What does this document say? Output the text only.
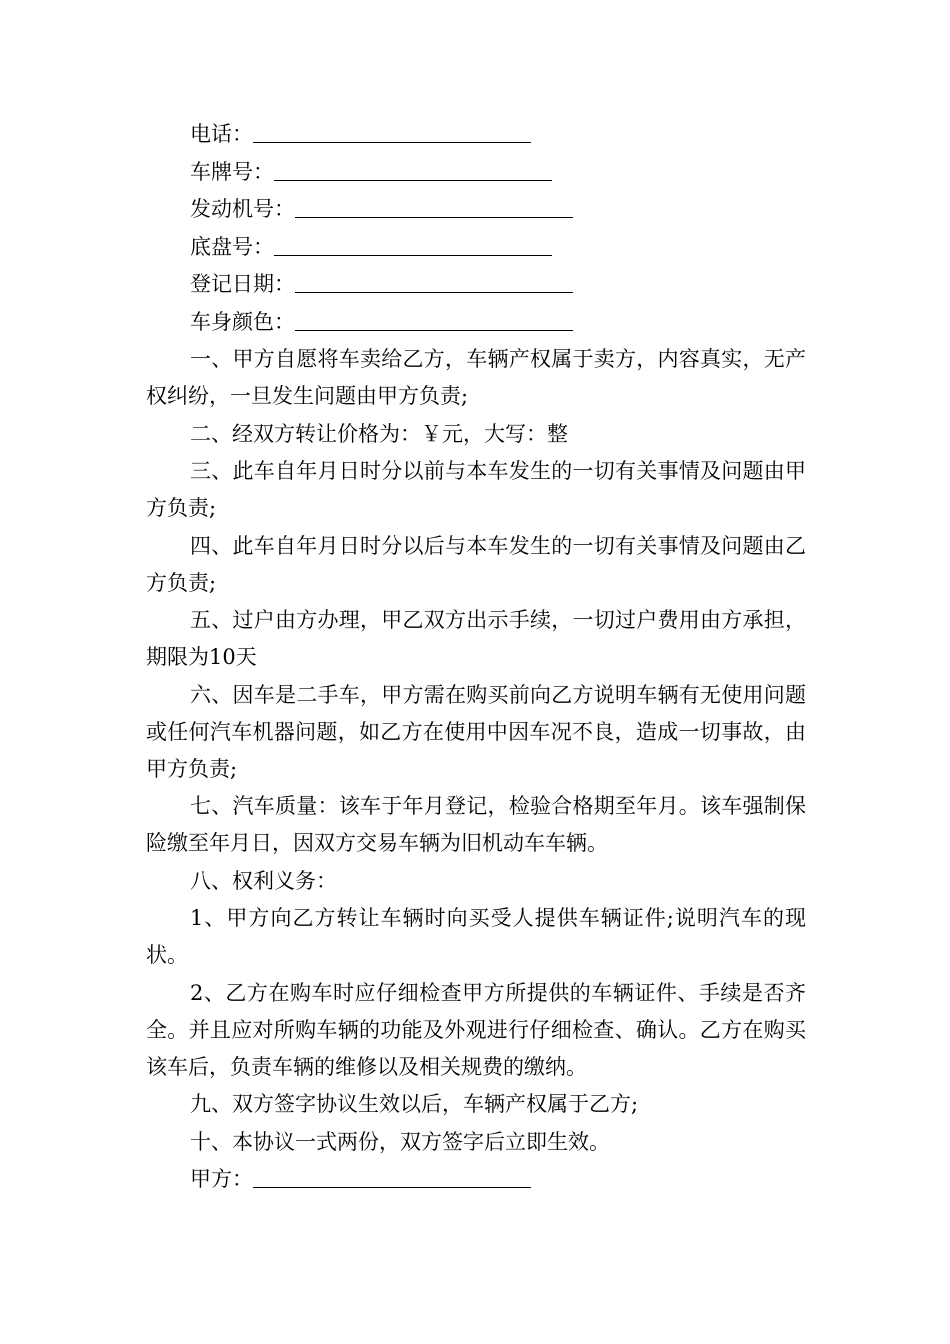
电话：
车牌号：
发动机号：
底盘号：
登记日期：
车身颜色：

一、甲方自愿将车卖给乙方，车辆产权属于卖方，内容真实，无产权纠纷，一旦发生问题由甲方负责;

二、经双方转让价格为：￥元，大写：整

三、此车自年月日时分以前与本车发生的一切有关事情及问题由甲方负责;

四、此车自年月日时分以后与本车发生的一切有关事情及问题由乙方负责;

五、过户由方办理，甲乙双方出示手续，一切过户费用由方承担，期限为10天

六、因车是二手车，甲方需在购买前向乙方说明车辆有无使用问题或任何汽车机器问题，如乙方在使用中因车况不良，造成一切事故，由甲方负责;

七、汽车质量：该车于年月登记，检验合格期至年月。该车强制保险缴至年月日，因双方交易车辆为旧机动车车辆。

八、权利义务：

1、甲方向乙方转让车辆时向买受人提供车辆证件;说明汽车的现状。

2、乙方在购车时应仔细检查甲方所提供的车辆证件、手续是否齐全。并且应对所购车辆的功能及外观进行仔细检查、确认。乙方在购买该车后，负责车辆的维修以及相关规费的缴纳。

九、双方签字协议生效以后，车辆产权属于乙方;

十、本协议一式两份，双方签字后立即生效。

甲方：
